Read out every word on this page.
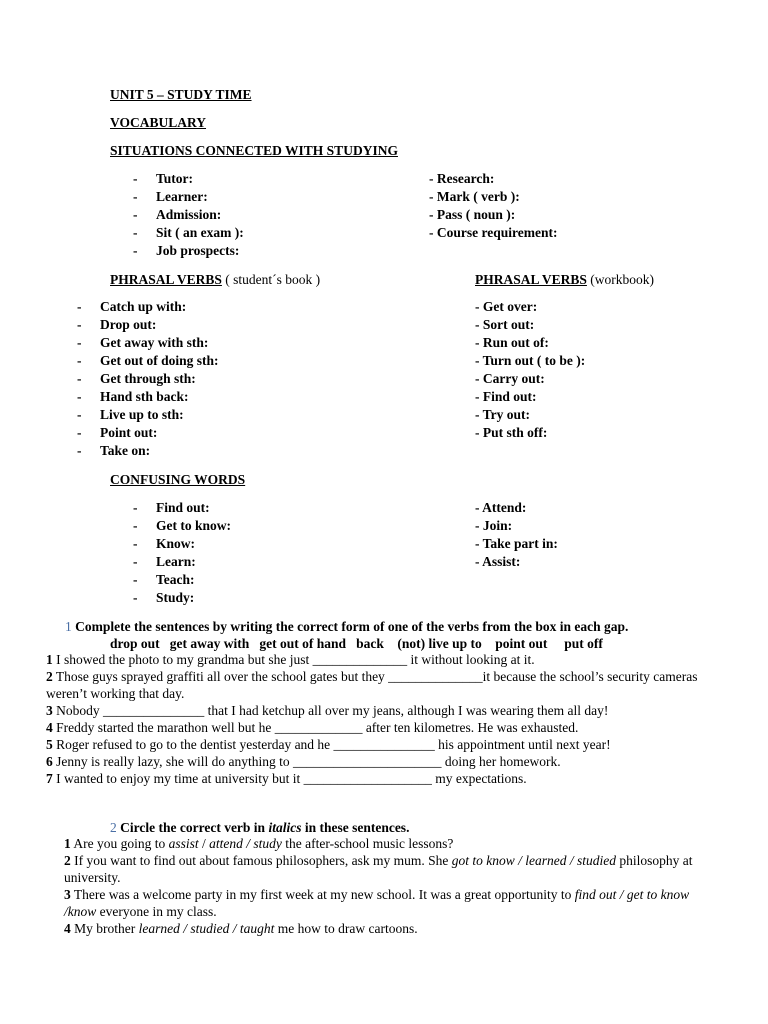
UNIT 5 – STUDY TIME
VOCABULARY
SITUATIONS CONNECTED WITH STUDYING
- Tutor:
- Learner:
- Admission:
- Sit ( an exam ):
- Job prospects:
- Research:
- Mark ( verb ):
- Pass ( noun ):
- Course requirement:
PHRASAL VERBS ( student´s book )	PHRASAL VERBS (workbook)
- Catch up with:
- Drop out:
- Get away with sth:
- Get out of doing sth:
- Get through sth:
- Hand sth back:
- Live up to sth:
- Point out:
- Take on:
- Get over:
- Sort out:
- Run out of:
- Turn out ( to be ):
- Carry out:
- Find out:
- Try out:
- Put sth off:
CONFUSING WORDS
- Find out:
- Get to know:
- Know:
- Learn:
- Teach:
- Study:
- Attend:
- Join:
- Take part in:
- Assist:
1 Complete the sentences by writing the correct form of one of the verbs from the box in each gap.
drop out   get away with   get out of hand   back    (not) live up to    point out     put off
1 I showed the photo to my grandma but she just ______________ it without looking at it.
2 Those guys sprayed graffiti all over the school gates but they ______________it because the school’s security cameras weren’t working that day.
3 Nobody _______________ that I had ketchup all over my jeans, although I was wearing them all day!
4 Freddy started the marathon well but he _____________ after ten kilometres. He was exhausted.
5 Roger refused to go to the dentist yesterday and he _______________ his appointment until next year!
6 Jenny is really lazy, she will do anything to ______________________ doing her homework.
7 I wanted to enjoy my time at university but it ___________________ my expectations.
2 Circle the correct verb in italics in these sentences.
1 Are you going to assist / attend / study the after-school music lessons?
2 If you want to find out about famous philosophers, ask my mum. She got to know / learned / studied philosophy at university.
3 There was a welcome party in my first week at my new school. It was a great opportunity to find out / get to know /know everyone in my class.
4 My brother learned / studied / taught me how to draw cartoons.
